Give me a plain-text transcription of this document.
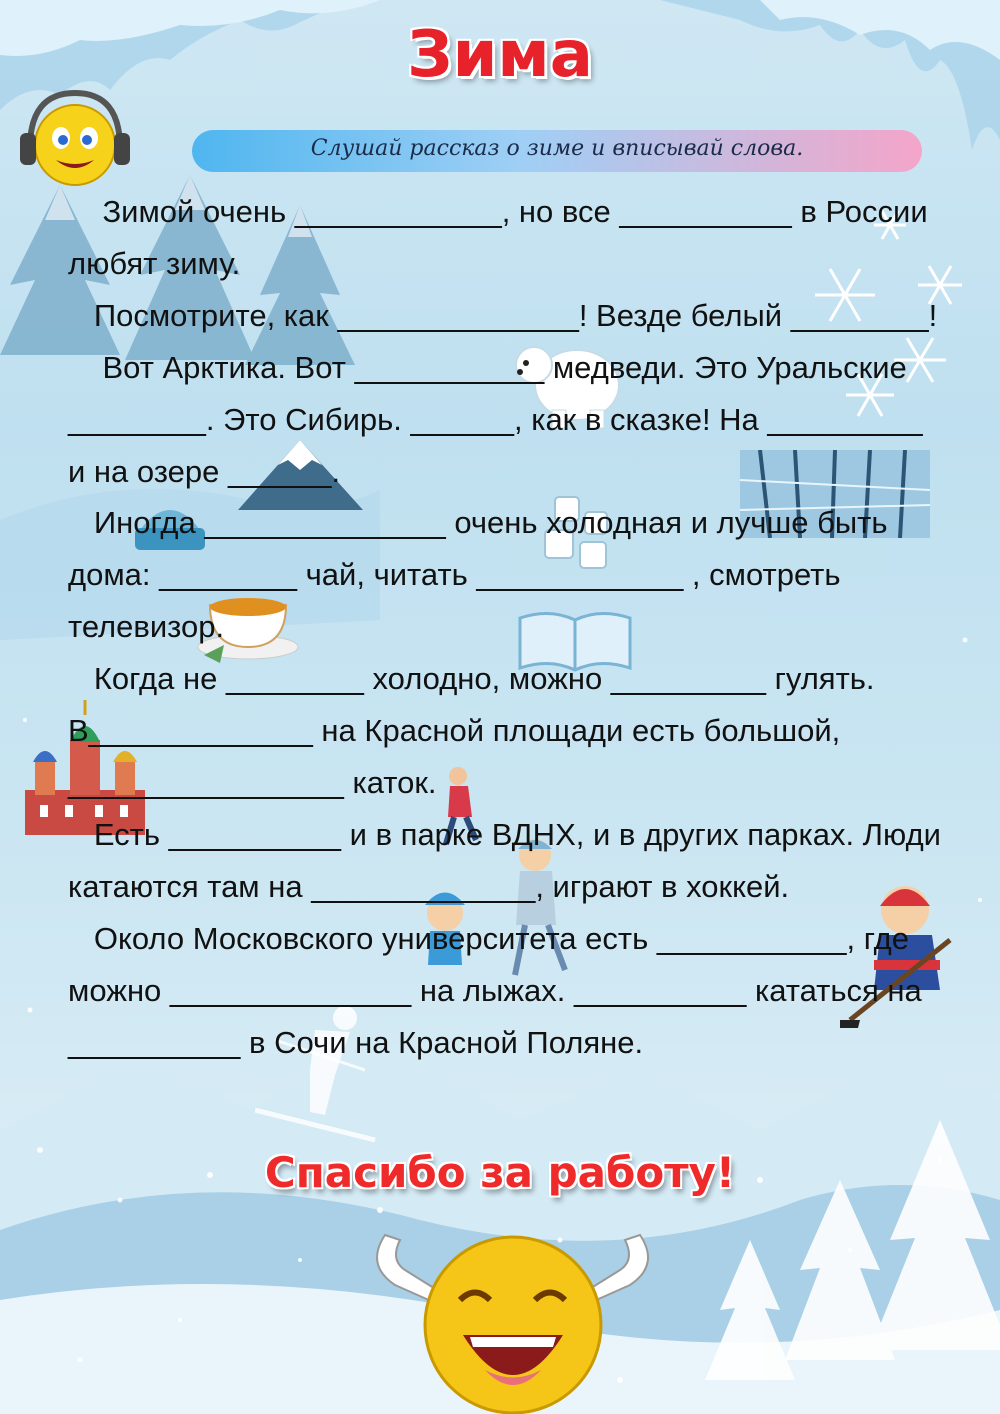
Зима
Слушай рассказ о зиме и вписывай слова.

Зимой очень ____________, но все __________ в России любят зиму.

Посмотрите, как ______________! Везде белый ________!

Вот Арктика. Вот ___________ медведи. Это Уральские ________. Это Сибирь. ______, как в сказке! На _________ и на озере ______.

Иногда ______________ очень холодная и лучше быть дома: ________ чай, читать ____________ , смотреть телевизор.

Когда не ________ холодно, можно _________ гулять. В_____________ на Красной площади есть большой, ________________ каток.

Есть __________ и в парке ВДНХ, и в других парках. Люди катаются там на _____________, играют в хоккей.

Около Московского университета есть ___________, где можно ______________ на лыжах. __________ кататься на __________ в Сочи на Красной Поляне.

Спасибо за работу!
